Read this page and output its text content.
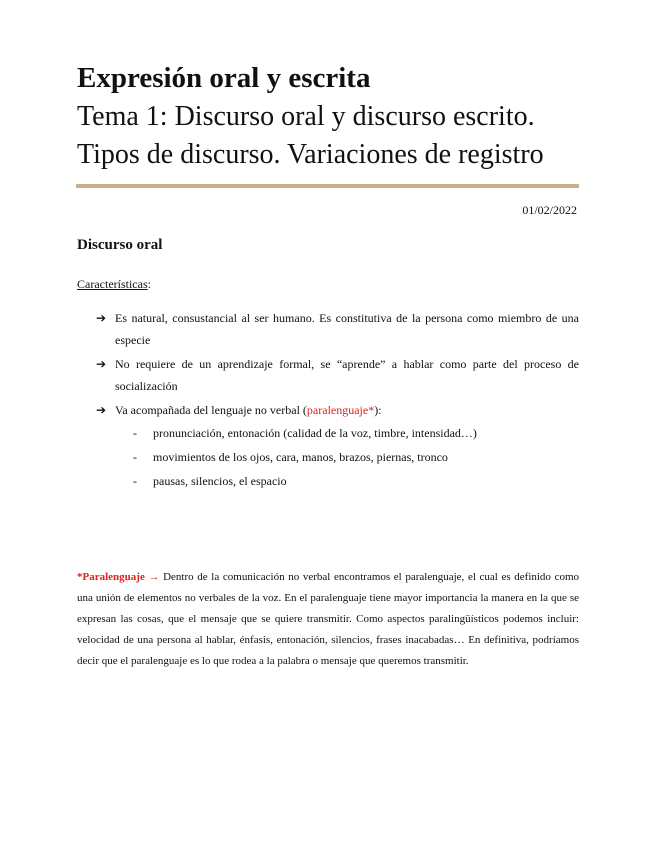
Expresión oral y escrita
Tema 1: Discurso oral y discurso escrito.
Tipos de discurso. Variaciones de registro
01/02/2022
Discurso oral
Características:
➔ Es natural, consustancial al ser humano. Es constitutiva de la persona como miembro de una especie
➔ No requiere de un aprendizaje formal, se “aprende” a hablar como parte del proceso de socialización
➔ Va acompañada del lenguaje no verbal (paralenguaje*):
- pronunciación, entonación (calidad de la voz, timbre, intensidad…)
- movimientos de los ojos, cara, manos, brazos, piernas, tronco
- pausas, silencios, el espacio

*Paralenguaje → Dentro de la comunicación no verbal encontramos el paralenguaje, el cual es definido como una unión de elementos no verbales de la voz. En el paralenguaje tiene mayor importancia la manera en la que se expresan las cosas, que el mensaje que se quiere transmitir. Como aspectos paralingüísticos podemos incluir: velocidad de una persona al hablar, énfasis, entonación, silencios, frases inacabadas… En definitiva, podríamos decir que el paralenguaje es lo que rodea a la palabra o mensaje que queremos transmitir.
